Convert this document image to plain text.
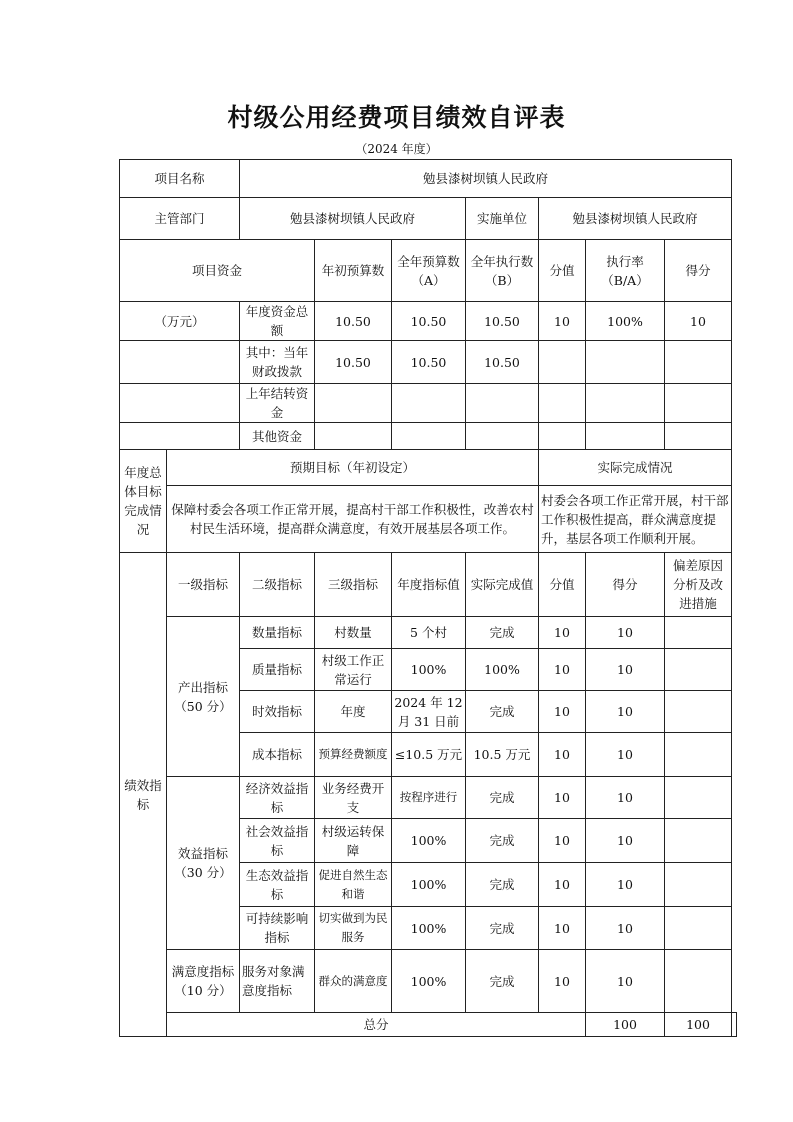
村级公用经费项目绩效自评表
（2024 年度）
项目名称		勉县漆树坝镇人民政府							
主管部门		勉县漆树坝镇人民政府			实施单位	勉县漆树坝镇人民政府			
项目资金			年初预算数	全年预算数（A）	全年执行数（B）	分值	执行率（B/A）	得分	
（万元）		年度资金总额	10.50	10.50	10.50	10	100%	10	
		其中：当年财政拨款	10.50	10.50	10.50				
		上年结转资金							
		其他资金							
年度总体目标完成情况	预期目标（年初设定）					实际完成情况			
	保障村委会各项工作正常开展，提高村干部工作积极性，改善农村村民生活环境，提高群众满意度，有效开展基层各项工作。					村委会各项工作正常开展，村干部工作积极性提高，群众满意度提升，基层各项工作顺利开展。			
绩效指标	一级指标	二级指标	三级指标	年度指标值	实际完成值	分值	得分	偏差原因分析及改进措施	
	产出指标（50 分）	数量指标	村数量	5 个村	完成	10	10		
		质量指标	村级工作正常运行	100%	100%	10	10		
		时效指标	年度	2024 年 12 月 31 日前	完成	10	10		
		成本指标	预算经费额度	≤10.5 万元	10.5 万元	10	10		
	效益指标（30 分）	经济效益指标	业务经费开支	按程序进行	完成	10	10		
		社会效益指标	村级运转保障	100%	完成	10	10		
		生态效益指标	促进自然生态和谐	100%	完成	10	10		
		可持续影响指标	切实做到为民服务	100%	完成	10	10		
	满意度指标（10 分）	服务对象满意度指标	群众的满意度	100%	完成	10	10		
	总分						100	100	
